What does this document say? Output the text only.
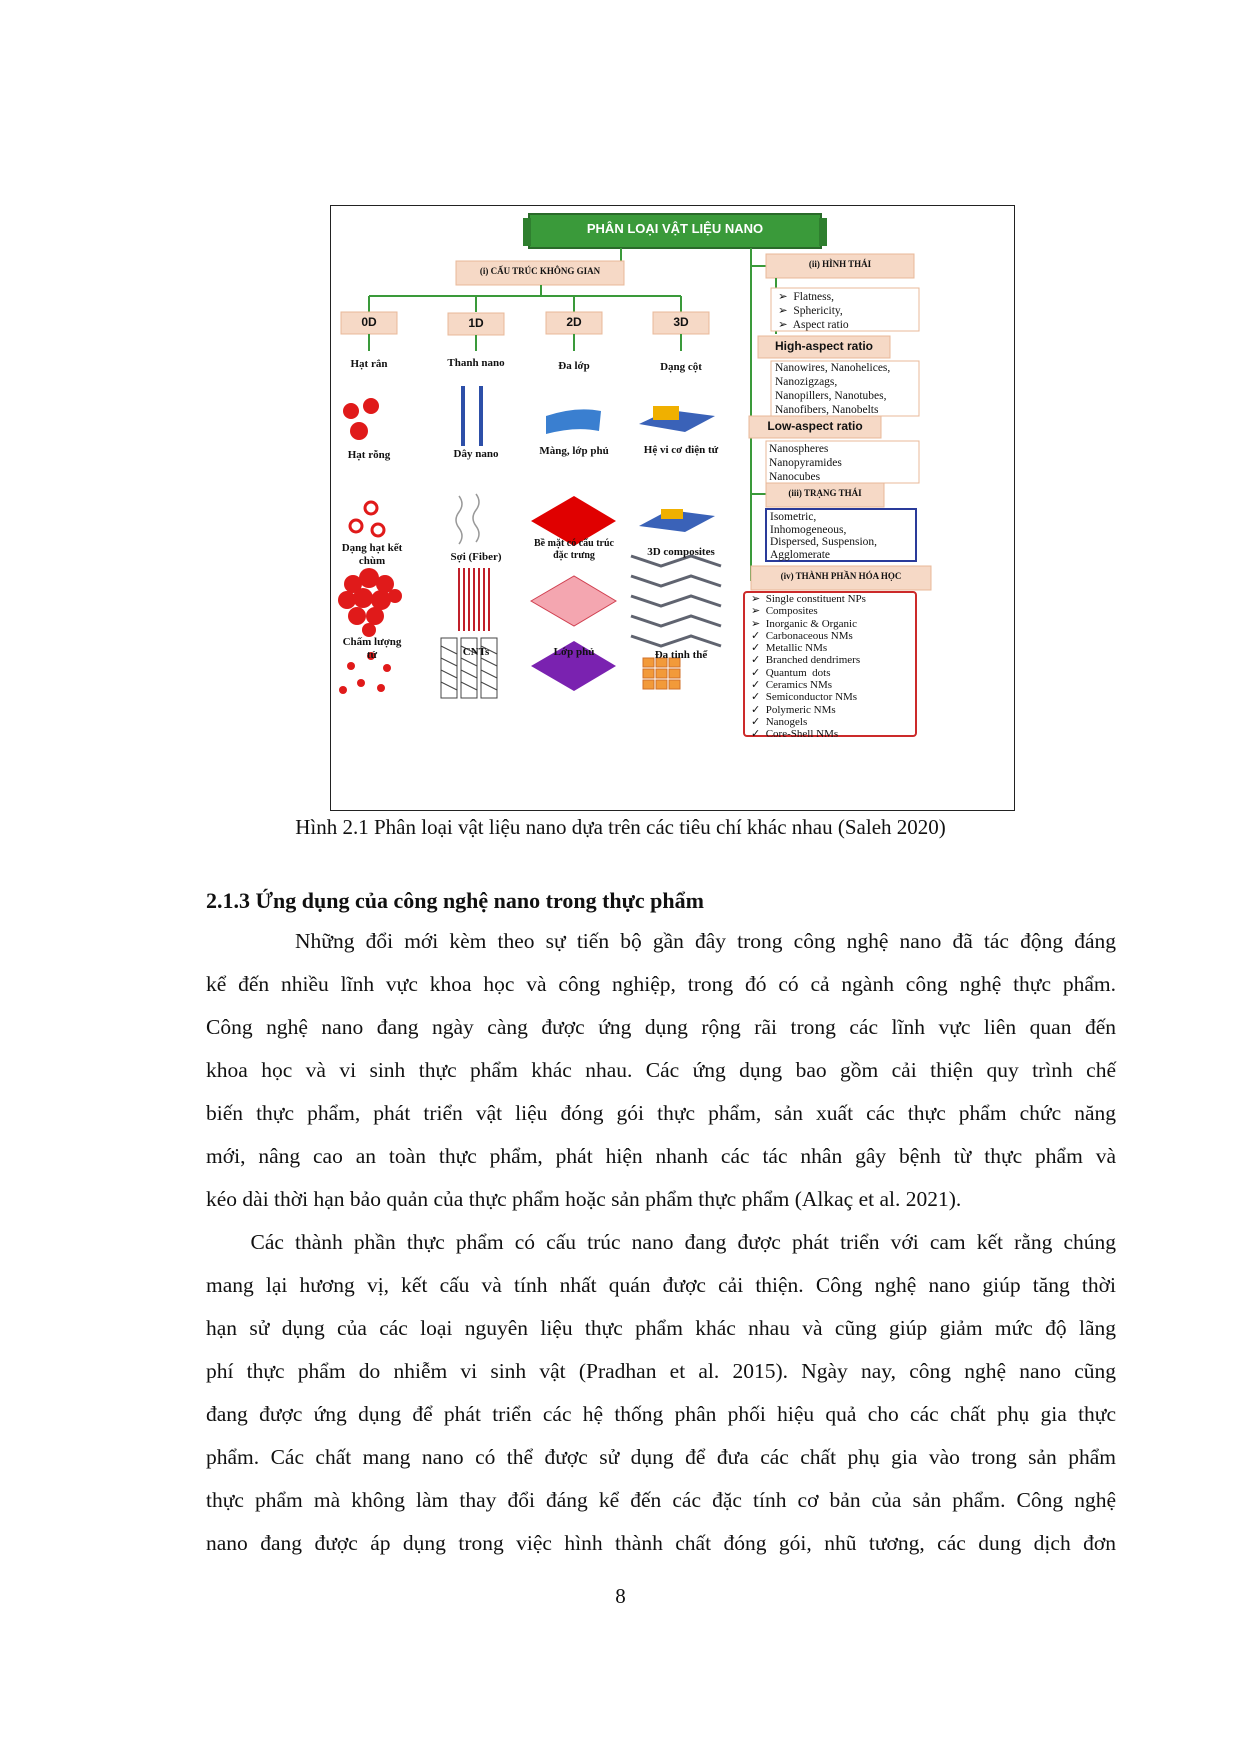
PHÂN LOẠI VẬT LIỆU NANO
(i) CẤU TRÚC KHÔNG GIAN
0D	1D	2D	3D
Hạt rắn	Thanh nano	Đa lớp	Dạng cột
Hạt rỗng	Dây nano	Màng, lớp phủ	Hệ vi cơ điện tử
Dạng hạt kết chùm	Sợi (Fiber)
Bề mặt có cấu trúc đặc trưng	3D composites
Chấm lượng tử	CNTs	Lớp phủ	Đa tinh thể
(ii) HÌNH THÁI
➢  Flatness,
➢  Sphericity,
➢  Aspect ratio
High-aspect ratio
Nanowires, Nanohelices,
Nanozigzags,
Nanopillers, Nanotubes,
Nanofibers, Nanobelts
Low-aspect ratio
Nanospheres
Nanopyramides
Nanocubes
(iii) TRẠNG THÁI
Isometric,
Inhomogeneous,
Dispersed, Suspension,
Agglomerate
(iv) THÀNH PHẦN HÓA HỌC
➢  Single constituent NPs
➢  Composites
➢  Inorganic & Organic
✓  Carbonaceous NMs
✓  Metallic NMs
✓  Branched dendrimers
✓  Quantum  dots
✓  Ceramics NMs
✓  Semiconductor NMs
✓  Polymeric NMs
✓  Nanogels
✓  Core-Shell NMs
Hình 2.1 Phân loại vật liệu nano dựa trên các tiêu chí khác nhau (Saleh 2020)
2.1.3 Ứng dụng của công nghệ nano trong thực phẩm
Những đổi mới kèm theo sự tiến bộ gần đây trong công nghệ nano đã tác động đáng
kể đến nhiều lĩnh vực khoa học và công nghiệp, trong đó có cả ngành công nghệ thực phẩm.
Công nghệ nano đang ngày càng được ứng dụng rộng rãi trong các lĩnh vực liên quan đến
khoa học và vi sinh thực phẩm khác nhau. Các ứng dụng bao gồm cải thiện quy trình chế
biến thực phẩm, phát triển vật liệu đóng gói thực phẩm, sản xuất các thực phẩm chức năng
mới, nâng cao an toàn thực phẩm, phát hiện nhanh các tác nhân gây bệnh từ thực phẩm và
kéo dài thời hạn bảo quản của thực phẩm hoặc sản phẩm thực phẩm (Alkaç et al. 2021).
Các thành phần thực phẩm có cấu trúc nano đang được phát triển với cam kết rằng chúng
mang lại hương vị, kết cấu và tính nhất quán được cải thiện. Công nghệ nano giúp tăng thời
hạn sử dụng của các loại nguyên liệu thực phẩm khác nhau và cũng giúp giảm mức độ lãng
phí thực phẩm do nhiễm vi sinh vật (Pradhan et al. 2015). Ngày nay, công nghệ nano cũng
đang được ứng dụng để phát triển các hệ thống phân phối hiệu quả cho các chất phụ gia thực
phẩm. Các chất mang nano có thể được sử dụng để đưa các chất phụ gia vào trong sản phẩm
thực phẩm mà không làm thay đổi đáng kể đến các đặc tính cơ bản của sản phẩm. Công nghệ
nano đang được áp dụng trong việc hình thành chất đóng gói, nhũ tương, các dung dịch đơn
8
